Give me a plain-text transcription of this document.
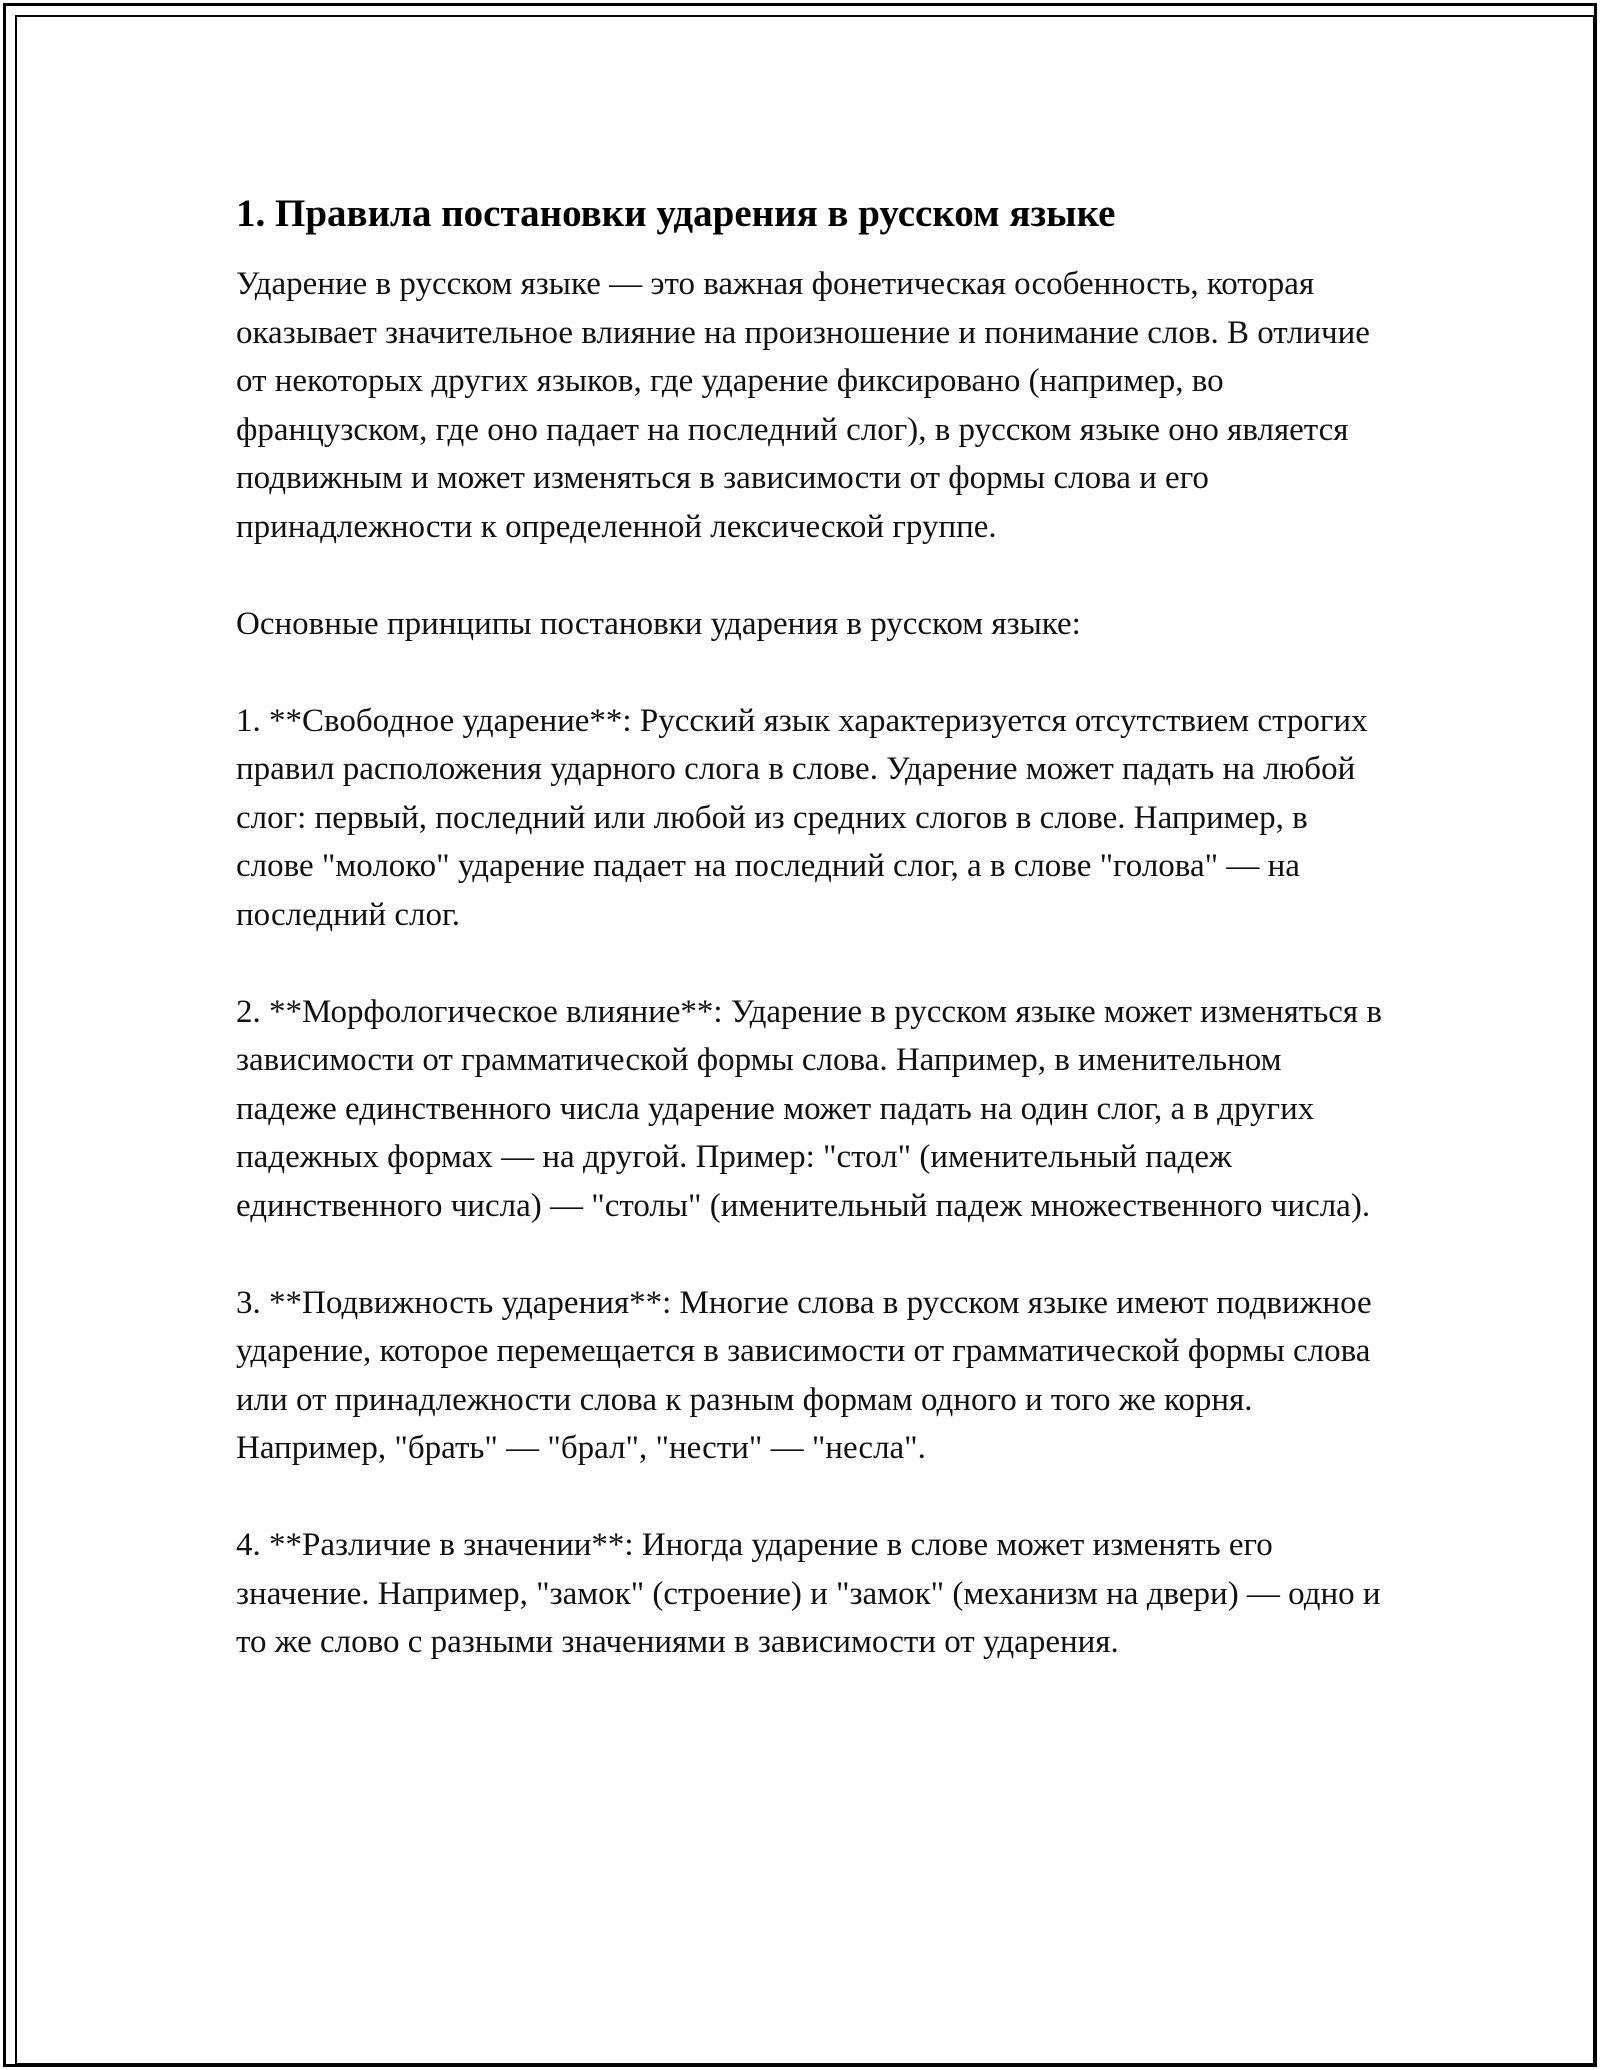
1. Правила постановки ударения в русском языке

Ударение в русском языке — это важная фонетическая особенность, которая оказывает значительное влияние на произношение и понимание слов. В отличие от некоторых других языков, где ударение фиксировано (например, во французском, где оно падает на последний слог), в русском языке оно является подвижным и может изменяться в зависимости от формы слова и его принадлежности к определенной лексической группе.

Основные принципы постановки ударения в русском языке:

1. **Свободное ударение**: Русский язык характеризуется отсутствием строгих правил расположения ударного слога в слове. Ударение может падать на любой слог: первый, последний или любой из средних слогов в слове. Например, в слове "молоко" ударение падает на последний слог, а в слове "голова" — на последний слог.

2. **Морфологическое влияние**: Ударение в русском языке может изменяться в зависимости от грамматической формы слова. Например, в именительном падеже единственного числа ударение может падать на один слог, а в других падежных формах — на другой. Пример: "стол" (именительный падеж единственного числа) — "столы" (именительный падеж множественного числа).

3. **Подвижность ударения**: Многие слова в русском языке имеют подвижное ударение, которое перемещается в зависимости от грамматической формы слова или от принадлежности слова к разным формам одного и того же корня. Например, "брать" — "брал", "нести" — "несла".

4. **Различие в значении**: Иногда ударение в слове может изменять его значение. Например, "замок" (строение) и "замок" (механизм на двери) — одно и то же слово с разными значениями в зависимости от ударения.
